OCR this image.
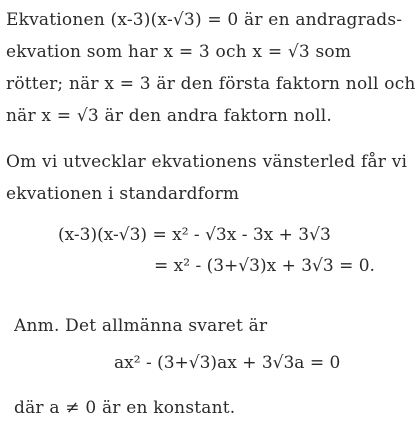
Ekvationen (x-3)(x-√3) = 0 är en andragrads-
ekvation som har x = 3 och x = √3 som
rötter; när x = 3 är den första faktorn noll och
när x = √3 är den andra faktorn noll.
Om vi utvecklar ekvationens vänsterled får vi
ekvationen i standardform
(x-3)(x-√3) = x² - √3x - 3x + 3√3
= x² - (3+√3)x + 3√3 = 0.
Anm. Det allmänna svaret är
ax² - (3+√3)ax + 3√3a = 0
där a ≠ 0 är en konstant.
